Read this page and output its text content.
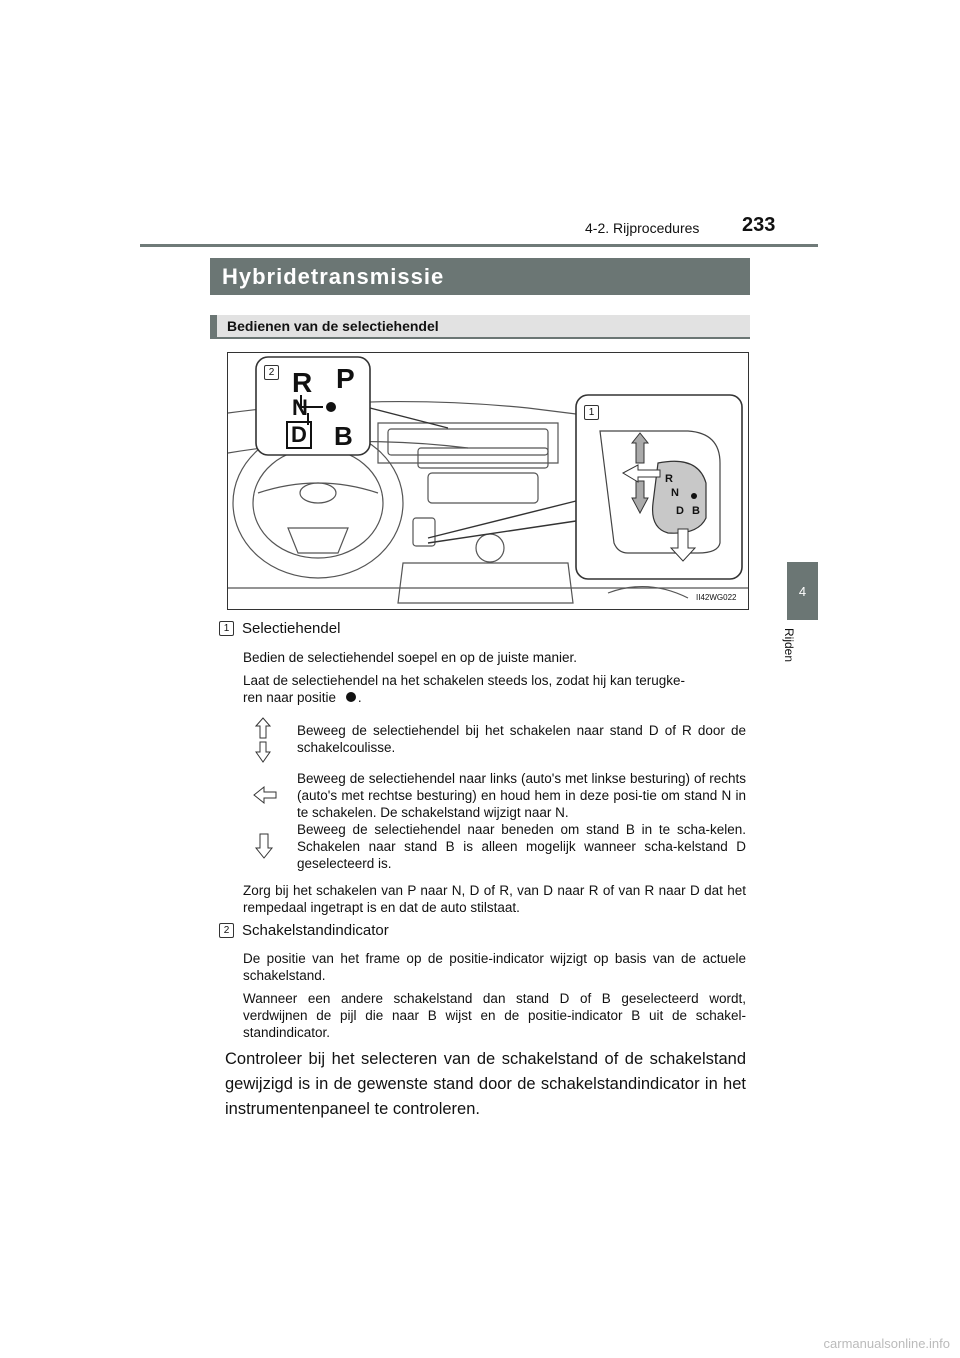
4-2. Rijprocedures 233
4
Rijden
Hybridetransmissie
Bedienen van de selectiehendel
2
1
R P
N
D B
R
N
D B
II42WG022
1 Selectiehendel
Bedien de selectiehendel soepel en op de juiste manier.
Laat de selectiehendel na het schakelen steeds los, zodat hij kan terugke-
ren naar positie .
Beweeg de selectiehendel bij het schakelen naar stand D of R door de schakelcoulisse.
Beweeg de selectiehendel naar links (auto's met linkse besturing) of rechts (auto's met rechtse besturing) en houd hem in deze posi-tie om stand N in te schakelen. De schakelstand wijzigt naar N.
Beweeg de selectiehendel naar beneden om stand B in te scha-kelen. Schakelen naar stand B is alleen mogelijk wanneer scha-kelstand D geselecteerd is.
Zorg bij het schakelen van P naar N, D of R, van D naar R of van R naar D dat het rempedaal ingetrapt is en dat de auto stilstaat.
2 Schakelstandindicator
De positie van het frame op de positie-indicator wijzigt op basis van de actuele schakelstand.
Wanneer een andere schakelstand dan stand D of B geselecteerd wordt, verdwijnen de pijl die naar B wijst en de positie-indicator B uit de schakel-standindicator.
Controleer bij het selecteren van de schakelstand of de schakelstand gewijzigd is in de gewenste stand door de schakelstandindicator in het instrumentenpaneel te controleren.
carmanualsonline.info
